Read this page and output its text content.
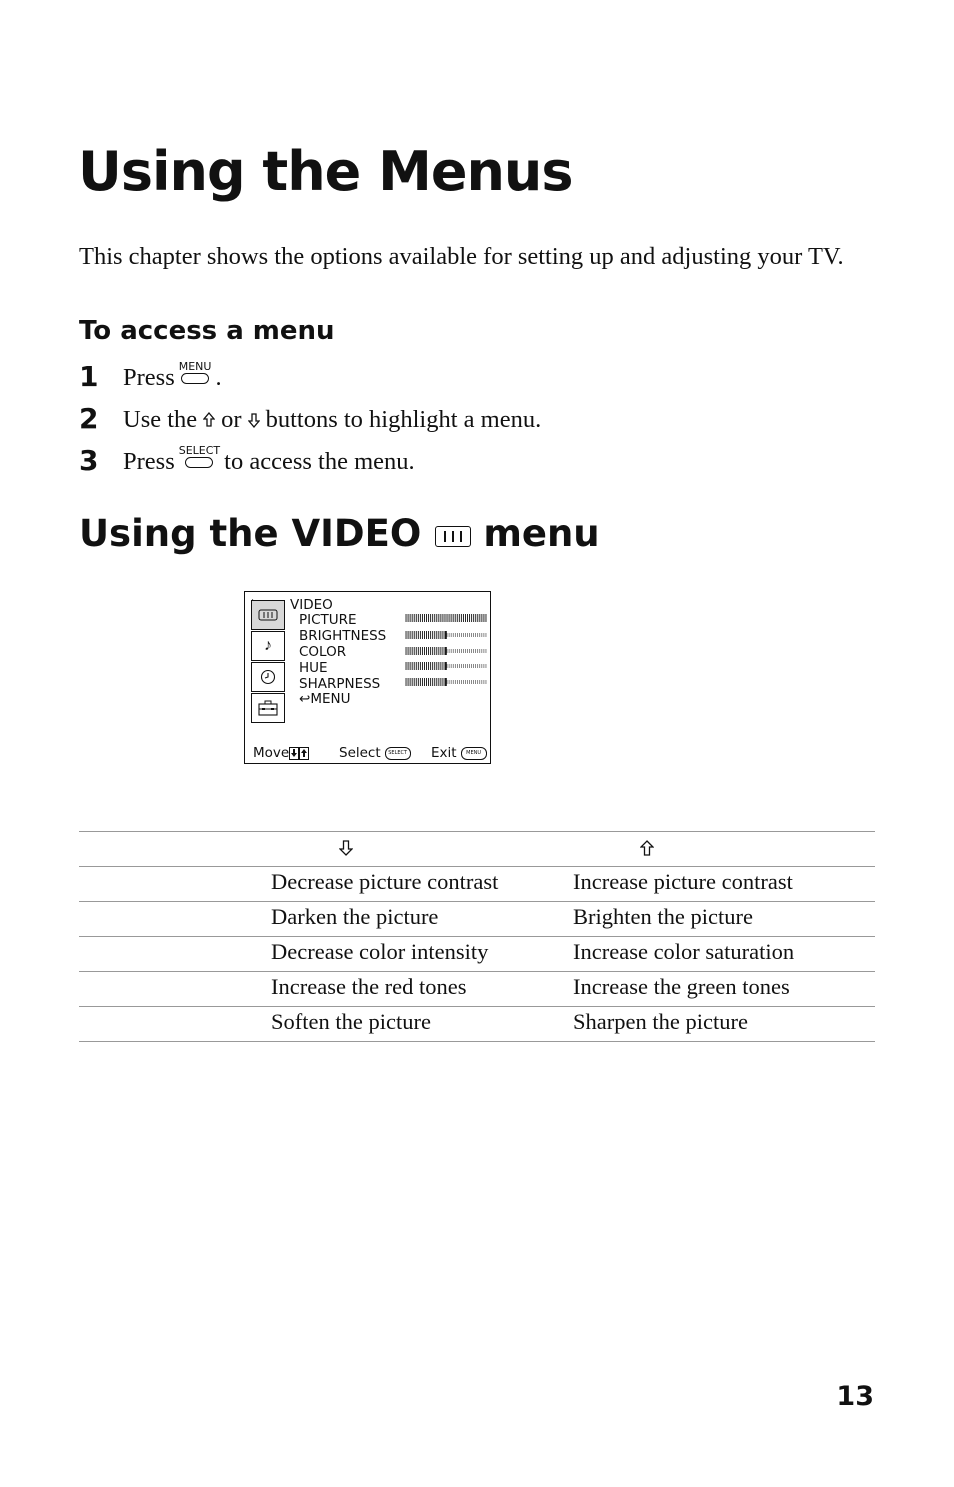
Using the Menus
This chapter shows the options available for setting up and adjusting your TV.
To access a menu
1 Press MENU .
2 Use the or buttons to highlight a menu.
3 Press SELECT to access the menu.
Using the VIDEO menu
♪
VIDEO
PICTURE
BRIGHTNESS
COLOR
HUE
SHARPNESS
↩MENU
Move	Select	SELECT Exit	MENU
Decrease picture contrast	Increase picture contrast
Darken the picture	Brighten the picture
Decrease color intensity	Increase color saturation
Increase the red tones	Increase the green tones
Soften the picture	Sharpen the picture
13
